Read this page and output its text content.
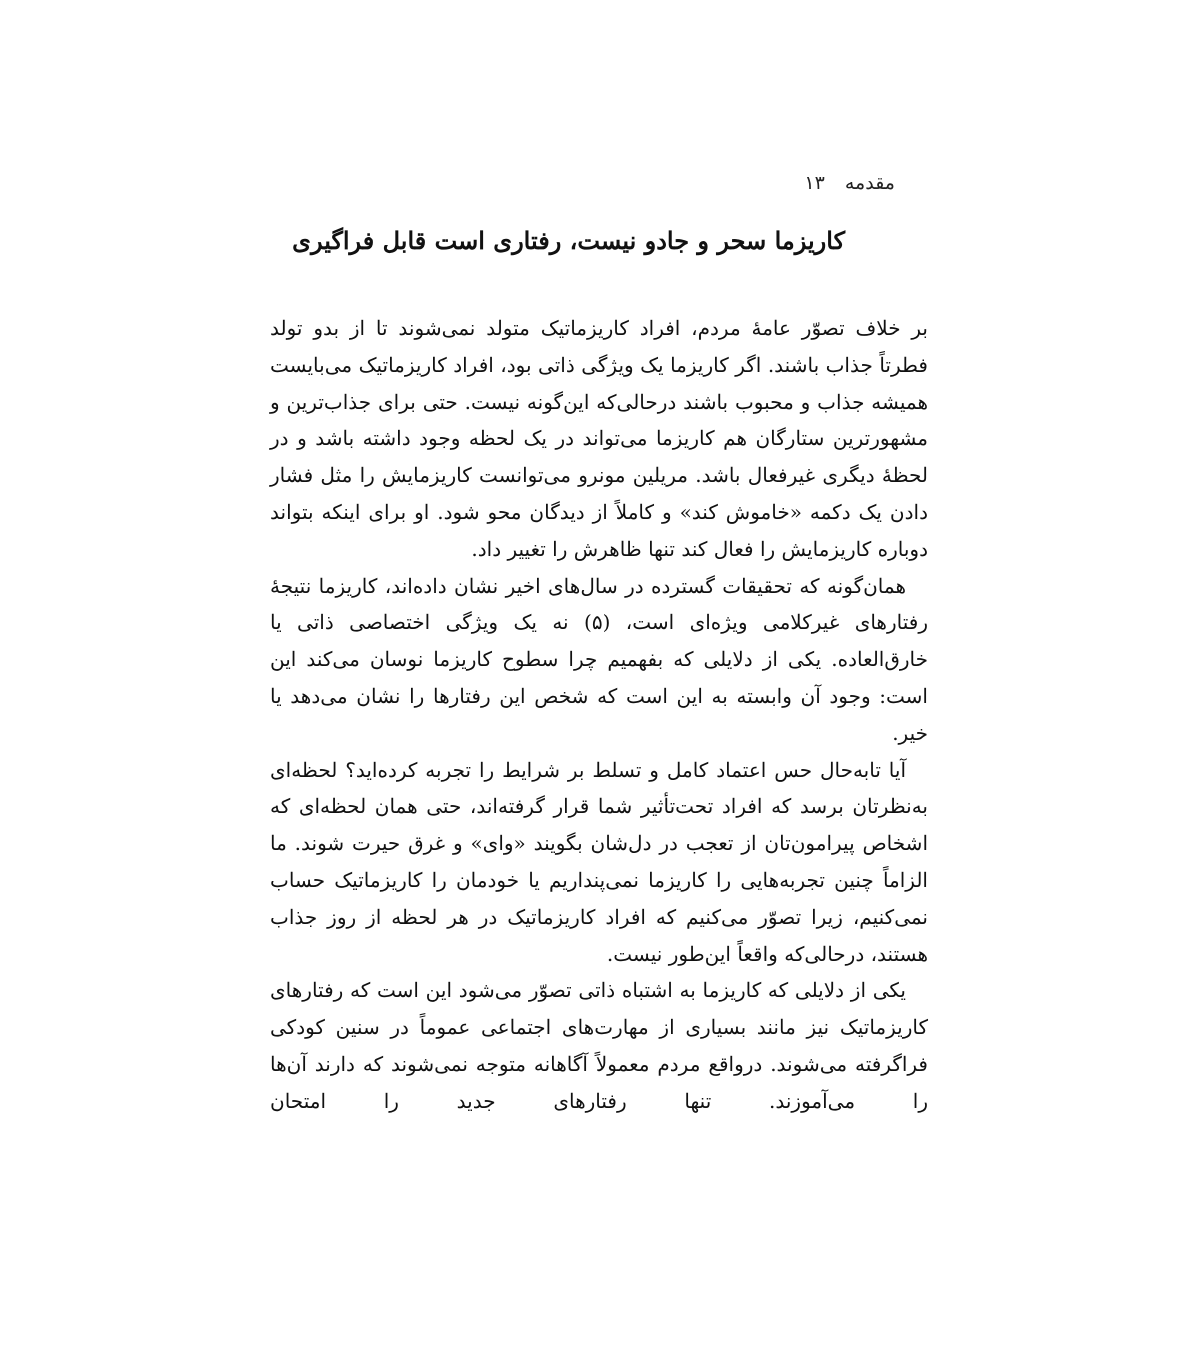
مقدمه ۱۳
کاریزما سحر و جادو نیست، رفتاری است قابل فراگیری

بر خلاف تصوّر عامهٔ مردم، افراد کاریزماتیک متولد نمی‌شوند تا از بدو تولد فطرتاً جذاب باشند. اگر کاریزما یک ویژگی ذاتی بود، افراد کاریزماتیک می‌بایست همیشه جذاب و محبوب باشند درحالی‌که این‌گونه نیست. حتی برای جذاب‌ترین و مشهورترین ستارگان هم کاریزما می‌تواند در یک لحظه وجود داشته باشد و در لحظهٔ دیگری غیرفعال باشد. مریلین مونرو می‌توانست کاریزمایش را مثل فشار دادن یک دکمه «خاموش کند» و کاملاً از دیدگان محو شود. او برای اینکه بتواند دوباره کاریزمایش را فعال کند تنها ظاهرش را تغییر داد.

همان‌گونه که تحقیقات گسترده در سال‌های اخیر نشان داده‌اند، کاریزما نتیجهٔ رفتارهای غیرکلامی ویژه‌ای است، (۵) نه یک ویژگی اختصاصی ذاتی یا خارق‌العاده. یکی از دلایلی که بفهمیم چرا سطوح کاریزما نوسان می‌کند این است: وجود آن وابسته به این است که شخص این رفتارها را نشان می‌دهد یا خیر.

آیا تابه‌حال حس اعتماد کامل و تسلط بر شرایط را تجربه کرده‌اید؟ لحظه‌ای به‌نظرتان برسد که افراد تحت‌تأثیر شما قرار گرفته‌اند، حتی همان لحظه‌ای که اشخاص پیرامون‌تان از تعجب در دل‌شان بگویند «وای» و غرق حیرت شوند. ما الزاماً چنین تجربه‌هایی را کاریزما نمی‌پنداریم یا خودمان را کاریزماتیک حساب نمی‌کنیم، زیرا تصوّر می‌کنیم که افراد کاریزماتیک در هر لحظه از روز جذاب هستند، درحالی‌که واقعاً این‌طور نیست.

یکی از دلایلی که کاریزما به اشتباه ذاتی تصوّر می‌شود این است که رفتارهای کاریزماتیک نیز مانند بسیاری از مهارت‌های اجتماعی عموماً در سنین کودکی فراگرفته می‌شوند. درواقع مردم معمولاً آگاهانه متوجه نمی‌شوند که دارند آن‌ها را می‌آموزند. تنها رفتارهای جدید را امتحان
